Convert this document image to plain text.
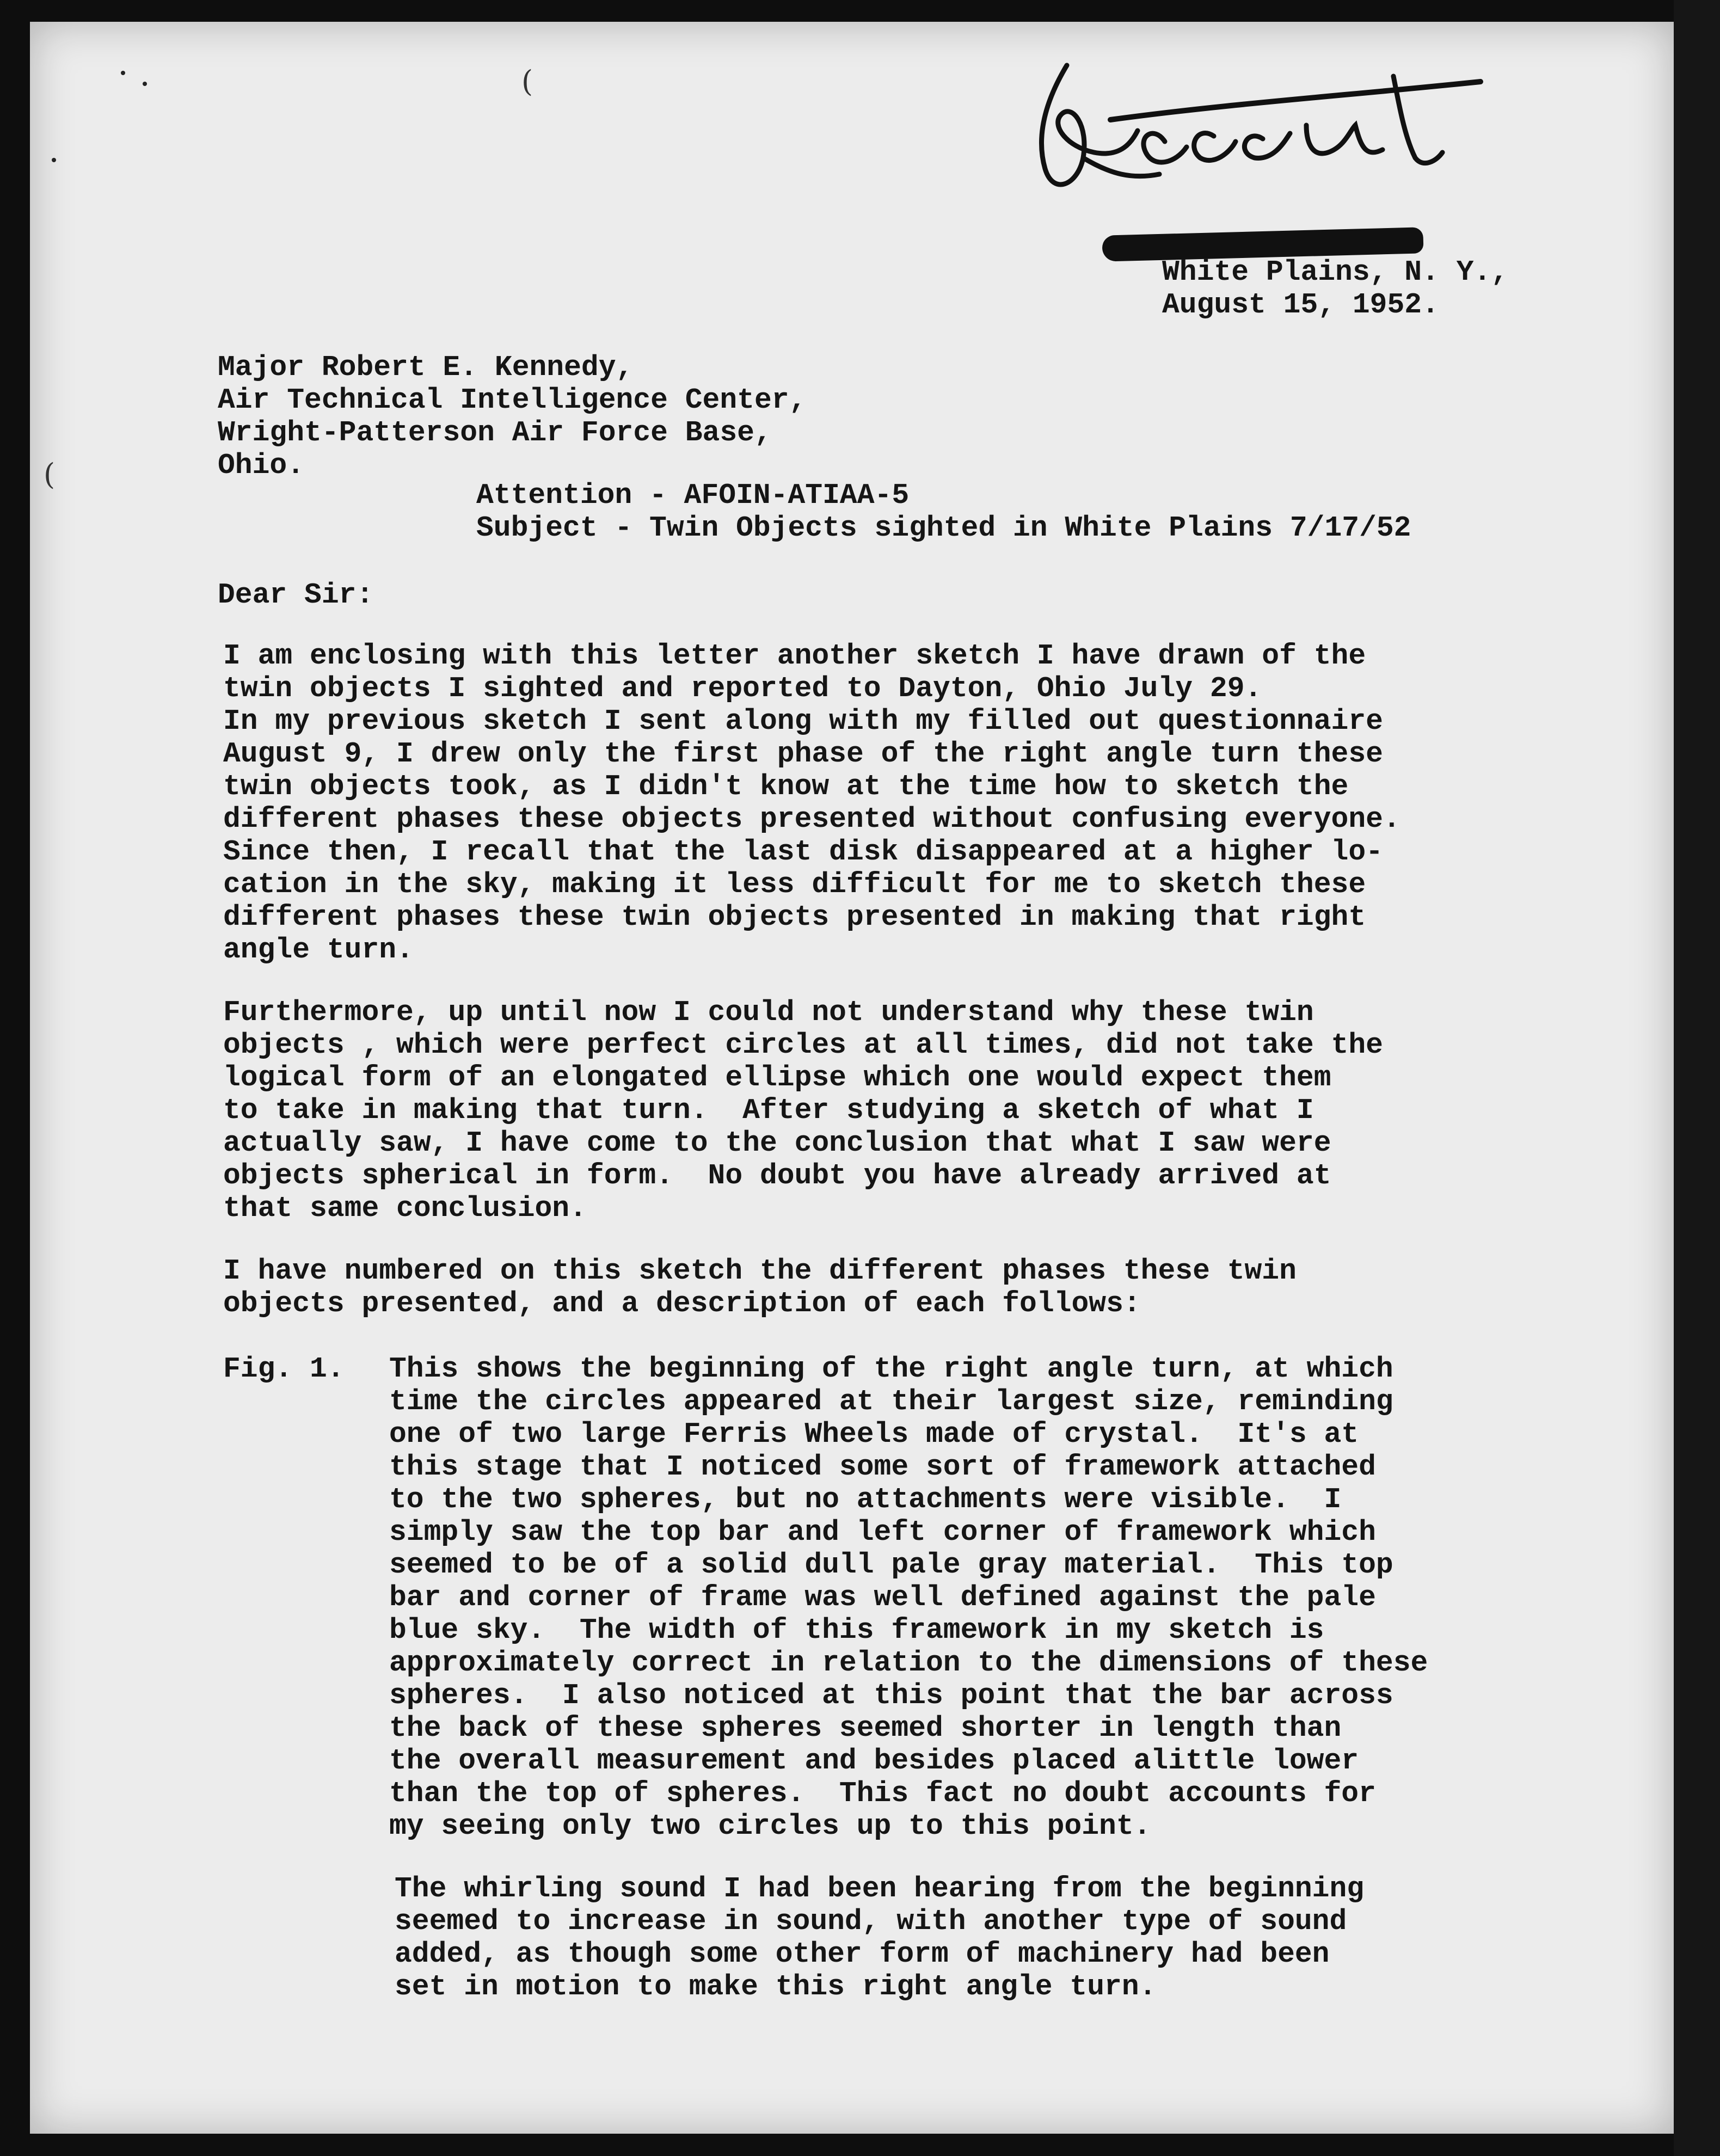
(
(
White Plains, N. Y.,
August 15, 1952.
Major Robert E. Kennedy,
Air Technical Intelligence Center,
Wright-Patterson Air Force Base,
Ohio.
Attention - AFOIN-ATIAA-5
Subject - Twin Objects sighted in White Plains 7/17/52
Dear Sir:
I am enclosing with this letter another sketch I have drawn of the
twin objects I sighted and reported to Dayton, Ohio July 29.
In my previous sketch I sent along with my filled out questionnaire
August 9, I drew only the first phase of the right angle turn these
twin objects took, as I didn't know at the time how to sketch the
different phases these objects presented without confusing everyone.
Since then, I recall that the last disk disappeared at a higher lo-
cation in the sky, making it less difficult for me to sketch these
different phases these twin objects presented in making that right
angle turn.
Furthermore, up until now I could not understand why these twin
objects , which were perfect circles at all times, did not take the
logical form of an elongated ellipse which one would expect them
to take in making that turn.  After studying a sketch of what I
actually saw, I have come to the conclusion that what I saw were
objects spherical in form.  No doubt you have already arrived at
that same conclusion.
I have numbered on this sketch the different phases these twin
objects presented, and a description of each follows:
Fig. 1. This shows the beginning of the right angle turn, at which
time the circles appeared at their largest size, reminding
one of two large Ferris Wheels made of crystal.  It's at
this stage that I noticed some sort of framework attached
to the two spheres, but no attachments were visible.  I
simply saw the top bar and left corner of framework which
seemed to be of a solid dull pale gray material.  This top
bar and corner of frame was well defined against the pale
blue sky.  The width of this framework in my sketch is
approximately correct in relation to the dimensions of these
spheres.  I also noticed at this point that the bar across
the back of these spheres seemed shorter in length than
the overall measurement and besides placed alittle lower
than the top of spheres.  This fact no doubt accounts for
my seeing only two circles up to this point.
The whirling sound I had been hearing from the beginning
seemed to increase in sound, with another type of sound
added, as though some other form of machinery had been
set in motion to make this right angle turn.
